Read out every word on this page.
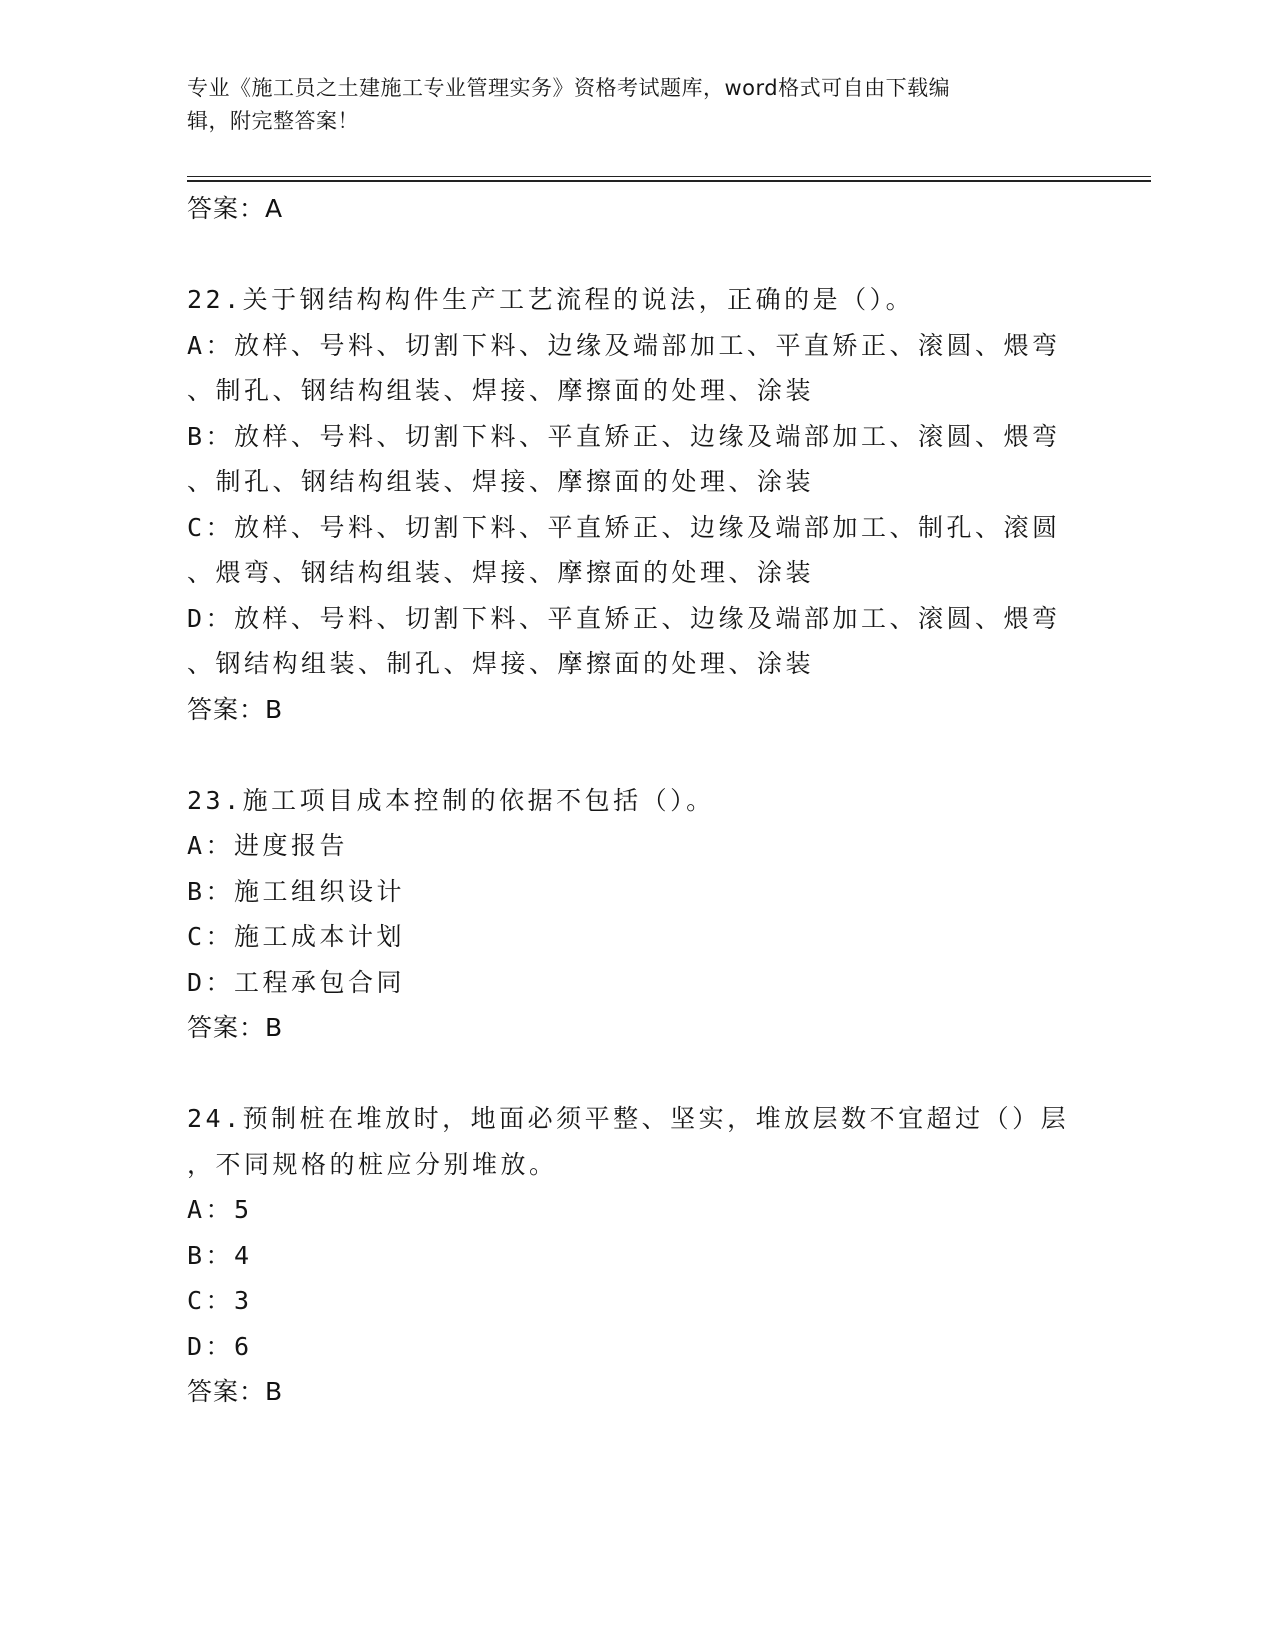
专业《施工员之土建施工专业管理实务》资格考试题库，word格式可自由下载编
辑，附完整答案！
答案：A
22.关于钢结构构件生产工艺流程的说法，正确的是（）。
A：放样、号料、切割下料、边缘及端部加工、平直矫正、滚圆、煨弯
、制孔、钢结构组装、焊接、摩擦面的处理、涂装
B：放样、号料、切割下料、平直矫正、边缘及端部加工、滚圆、煨弯
、制孔、钢结构组装、焊接、摩擦面的处理、涂装
C：放样、号料、切割下料、平直矫正、边缘及端部加工、制孔、滚圆
、煨弯、钢结构组装、焊接、摩擦面的处理、涂装
D：放样、号料、切割下料、平直矫正、边缘及端部加工、滚圆、煨弯
、钢结构组装、制孔、焊接、摩擦面的处理、涂装
答案：B
23.施工项目成本控制的依据不包括（）。
A：进度报告
B：施工组织设计
C：施工成本计划
D：工程承包合同
答案：B
24.预制桩在堆放时，地面必须平整、坚实，堆放层数不宜超过（）层
，不同规格的桩应分别堆放。
A：5
B：4
C：3
D：6
答案：B
